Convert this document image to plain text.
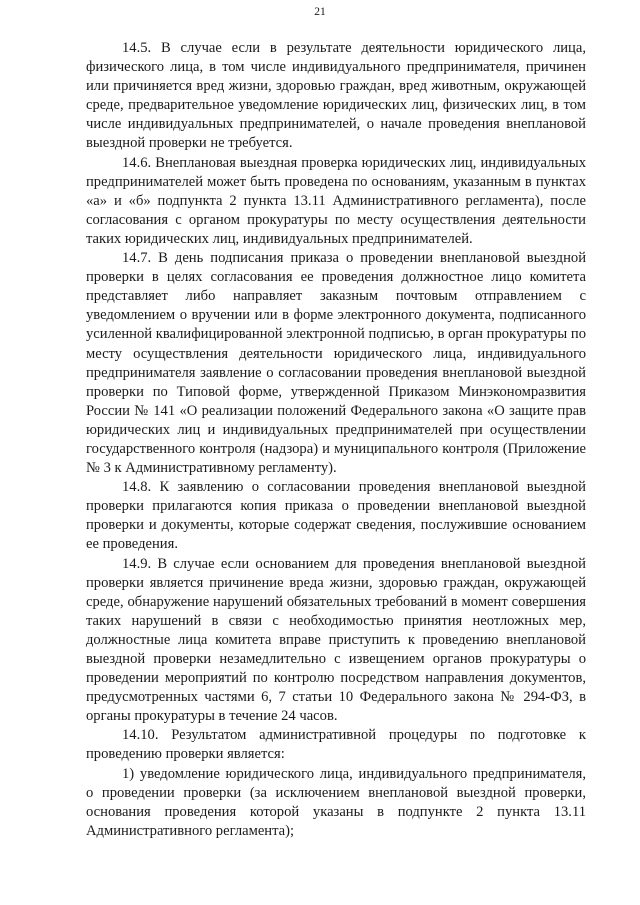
21

14.5. В случае если в результате деятельности юридического лица, физического лица, в том числе индивидуального предпринимателя, причинен или причиняется вред жизни, здоровью граждан, вред животным, окружающей среде, предварительное уведомление юридических лиц, физических лиц, в том числе индивидуальных предпринимателей, о начале проведения внеплановой выездной проверки не требуется.

14.6. Внеплановая выездная проверка юридических лиц, индивидуальных предпринимателей может быть проведена по основаниям, указанным в пунктах «а» и «б» подпункта 2 пункта 13.11 Административного регламента), после согласования с органом прокуратуры по месту осуществления деятельности таких юридических лиц, индивидуальных предпринимателей.

14.7. В день подписания приказа о проведении внеплановой выездной проверки в целях согласования ее проведения должностное лицо комитета представляет либо направляет заказным почтовым отправлением с уведомлением о вручении или в форме электронного документа, подписанного усиленной квалифицированной электронной подписью, в орган прокуратуры по месту осуществления деятельности юридического лица, индивидуального предпринимателя заявление о согласовании проведения внеплановой выездной проверки по Типовой форме, утвержденной Приказом Минэкономразвития России № 141 «О реализации положений Федерального закона «О защите прав юридических лиц и индивидуальных предпринимателей при осуществлении государственного контроля (надзора) и муниципального контроля (Приложение № 3 к Административному регламенту).

14.8. К заявлению о согласовании проведения внеплановой выездной проверки прилагаются копия приказа о проведении внеплановой выездной проверки и документы, которые содержат сведения, послужившие основанием ее проведения.

14.9. В случае если основанием для проведения внеплановой выездной проверки является причинение вреда жизни, здоровью граждан, окружающей среде, обнаружение нарушений обязательных требований в момент совершения таких нарушений в связи с необходимостью принятия неотложных мер, должностные лица комитета вправе приступить к проведению внеплановой выездной проверки незамедлительно с извещением органов прокуратуры о проведении мероприятий по контролю посредством направления документов, предусмотренных частями 6, 7 статьи 10 Федерального закона № 294-ФЗ, в органы прокуратуры в течение 24 часов.

14.10. Результатом административной процедуры по подготовке к проведению проверки является:

1) уведомление юридического лица, индивидуального предпринимателя, о проведении проверки (за исключением внеплановой выездной проверки, основания проведения которой указаны в подпункте 2 пункта 13.11 Административного регламента);
